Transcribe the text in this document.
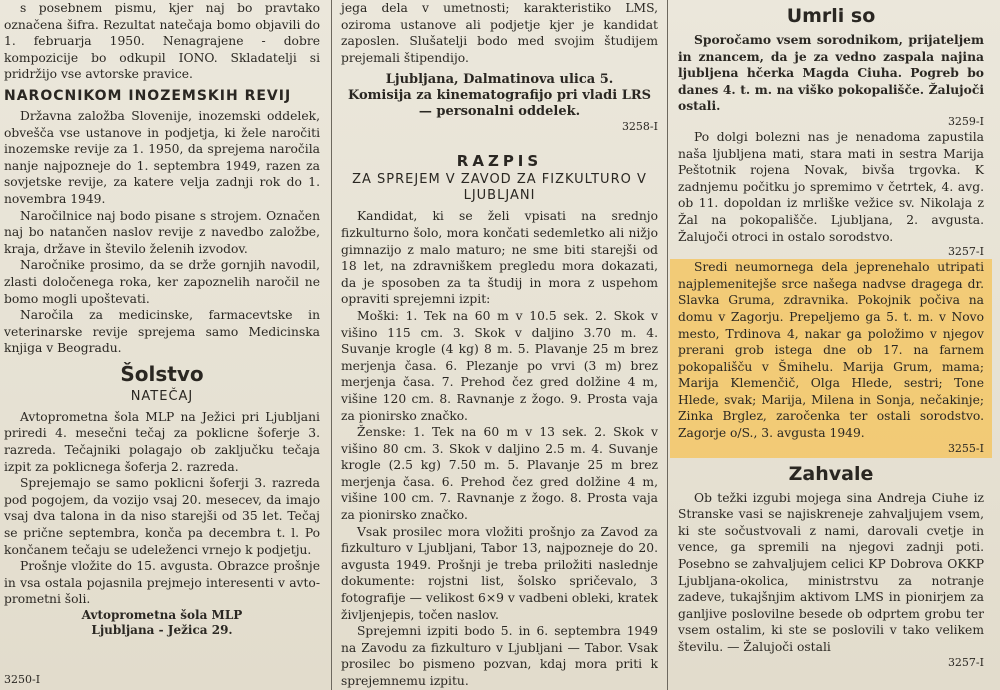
s posebnem pismu, kjer naj bo pravtako označena šifra. Rezultat natečaja bomo objavili do 1. februarja 1950. Nenagrajene - dobre kompozicije bo odkupil IONO. Skladatelji si pridržijo vse avtorske pravice.

NAROCNIKOM INOZEMSKIH REVIJ

Državna založba Slovenije, inozemski oddelek, obvešča vse ustanove in podjetja, ki žele naročiti inozemske revije za 1. 1950, da sprejema naročila nanje najpozneje do 1. septembra 1949, razen za sovjetske revije, za katere velja zadnji rok do 1. novembra 1949.

Naročilnice naj bodo pisane s strojem. Označen naj bo natančen naslov revije z navedbo založbe, kraja, države in število želenih izvodov.

Naročnike prosimo, da se drže gornjih navodil, zlasti določenega roka, ker zapoznelih naročil ne bomo mogli upoštevati.

Naročila za medicinske, farmacevtske in veterinarske revije sprejema samo Medicinska knjiga v Beogradu.

Šolstvo
NATEČAJ

Avtoprometna šola MLP na Ježici pri Ljubljani priredi 4. mesečni tečaj za poklicne šoferje 3. razreda. Tečajniki polagajo ob zaključku tečaja izpit za poklicnega šoferja 2. razreda.

Sprejemajo se samo poklicni šoferji 3. razreda pod pogojem, da vozijo vsaj 20. mesecev, da imajo vsaj dva talona in da niso starejši od 35 let. Tečaj se prične septembra, konča pa decembra t. l. Po končanem tečaju se udeleženci vrnejo k podjetju.

Prošnje vložite do 15. avgusta. Obrazce prošnje in vsa ostala pojasnila prejmejo interesenti v avto-prometni šoli.

Avtoprometna šola MLP
Ljubljana - Ježica 29.
3250-I

jega dela v umetnosti; karakteristiko LMS, oziroma ustanove ali podjetje kjer je kandidat zaposlen. Slušatelji bodo med svojim študijem prejemali štipendijo.

Ljubljana, Dalmatinova ulica 5.
Komisija za kinematografijo pri vladi LRS — personalni oddelek.

3258-I

RAZPIS
ZA SPREJEM V ZAVOD ZA FIZKULTURO V LJUBLJANI

Kandidat, ki se želi vpisati na srednjo fizkulturno šolo, mora končati sedemletko ali nižjo gimnazijo z malo maturo; ne sme biti starejši od 18 let, na zdravniškem pregledu mora dokazati, da je sposoben za ta študij in mora z uspehom opraviti sprejemni izpit:

Moški: 1. Tek na 60 m v 10.5 sek. 2. Skok v višino 115 cm. 3. Skok v daljino 3.70 m. 4. Suvanje krogle (4 kg) 8 m. 5. Plavanje 25 m brez merjenja časa. 6. Plezanje po vrvi (3 m) brez merjenja časa. 7. Prehod čez gred dolžine 4 m, višine 120 cm. 8. Ravnanje z žogo. 9. Prosta vaja za pionirsko značko.

Ženske: 1. Tek na 60 m v 13 sek. 2. Skok v višino 80 cm. 3. Skok v daljino 2.5 m. 4. Suvanje krogle (2.5 kg) 7.50 m. 5. Plavanje 25 m brez merjenja časa. 6. Prehod čez gred dolžine 4 m, višine 100 cm. 7. Ravnanje z žogo. 8. Prosta vaja za pionirsko značko.

Vsak prosilec mora vložiti prošnjo za Zavod za fizkulturo v Ljubljani, Tabor 13, najpozneje do 20. avgusta 1949. Prošnji je treba priložiti naslednje dokumente: rojstni list, šolsko spričevalo, 3 fotografije — velikost 6×9 v vadbeni obleki, kratek življenjepis, točen naslov.

Sprejemni izpiti bodo 5. in 6. septembra 1949 na Zavodu za fizkulturo v Ljubljani — Tabor. Vsak prosilec bo pismeno pozvan, kdaj mora priti k sprejemnemu izpitu.

Umrli so

Sporočamo vsem sorodnikom, prijateljem in znancem, da je za vedno zaspala najina ljubljena hčerka Magda Ciuha. Pogreb bo danes 4. t. m. na viško pokopališče. Žalujoči ostali.

3259-I

Po dolgi bolezni nas je nenadoma zapustila naša ljubljena mati, stara mati in sestra Marija Peštotnik rojena Novak, bivša trgovka. K zadnjemu počitku jo spremimo v četrtek, 4. avg. ob 11. dopoldan iz mrliške vežice sv. Nikolaja z Žal na pokopališče. Ljubljana, 2. avgusta. Žalujoči otroci in ostalo sorodstvo.

3257-I

Sredi neumornega dela jeprenehalo utripati najplemenitejše srce našega nadvse dragega dr. Slavka Gruma, zdravnika. Pokojnik počiva na domu v Zagorju. Prepeljemo ga 5. t. m. v Novo mesto, Trdinova 4, nakar ga položimo v njegov prerani grob istega dne ob 17. na farnem pokopališču v Šmihelu. Marija Grum, mama; Marija Klemenčič, Olga Hlede, sestri; Tone Hlede, svak; Marija, Milena in Sonja, nečakinje; Zinka Brglez, zaročenka ter ostali sorodstvo. Zagorje o/S., 3. avgusta 1949.

3255-I

Zahvale

Ob težki izgubi mojega sina Andreja Ciuhe iz Stranske vasi se najiskreneje zahvaljujem vsem, ki ste sočustvovali z nami, darovali cvetje in vence, ga spremili na njegovi zadnji poti. Posebno se zahvaljujem celici KP Dobrova OKKP Ljubljana-okolica, ministrstvu za notranje zadeve, tukajšnjim aktivom LMS in pionirjem za ganljive poslovilne besede ob odprtem grobu ter vsem ostalim, ki ste se poslovili v tako velikem številu. — Žalujoči ostali

3257-I
